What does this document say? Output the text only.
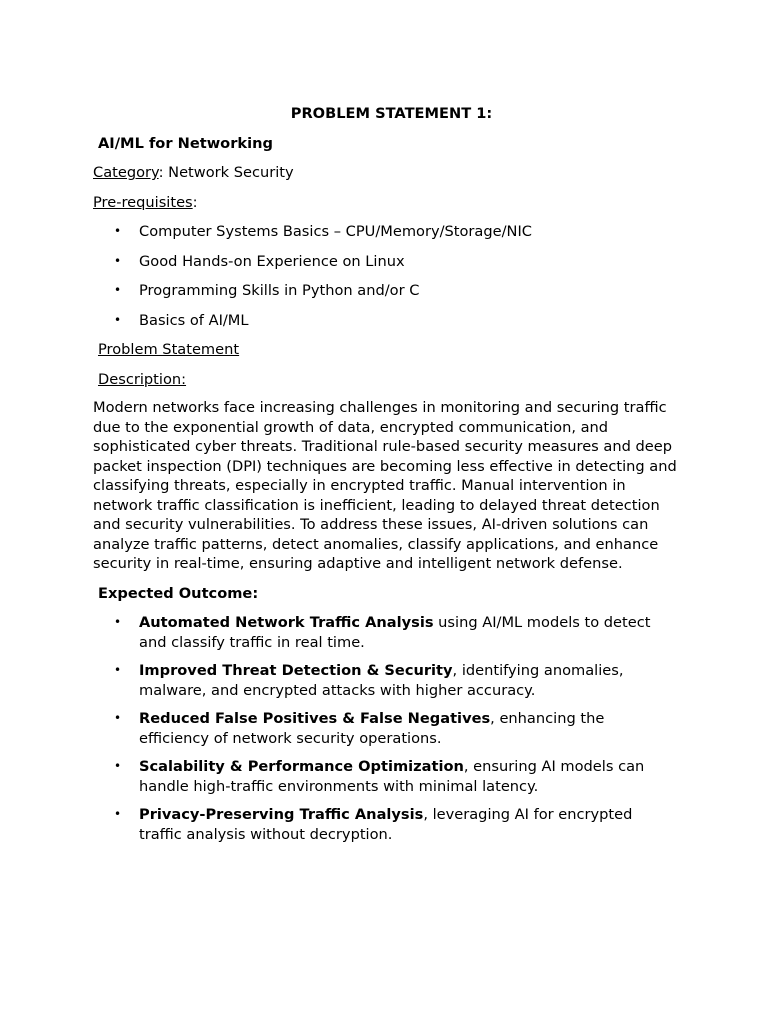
PROBLEM STATEMENT 1:
AI/ML for Networking
Category: Network Security
Pre-requisites:
• Computer Systems Basics – CPU/Memory/Storage/NIC
• Good Hands-on Experience on Linux
• Programming Skills in Python and/or C
• Basics of AI/ML
Problem Statement
Description:
Modern networks face increasing challenges in monitoring and securing traffic due to the exponential growth of data, encrypted communication, and sophisticated cyber threats. Traditional rule-based security measures and deep packet inspection (DPI) techniques are becoming less effective in detecting and classifying threats, especially in encrypted traffic. Manual intervention in network traffic classification is inefficient, leading to delayed threat detection and security vulnerabilities. To address these issues, AI-driven solutions can analyze traffic patterns, detect anomalies, classify applications, and enhance security in real-time, ensuring adaptive and intelligent network defense.
Expected Outcome:
• Automated Network Traffic Analysis using AI/ML models to detect and classify traffic in real time.
• Improved Threat Detection & Security, identifying anomalies, malware, and encrypted attacks with higher accuracy.
• Reduced False Positives & False Negatives, enhancing the efficiency of network security operations.
• Scalability & Performance Optimization, ensuring AI models can handle high-traffic environments with minimal latency.
• Privacy-Preserving Traffic Analysis, leveraging AI for encrypted traffic analysis without decryption.
